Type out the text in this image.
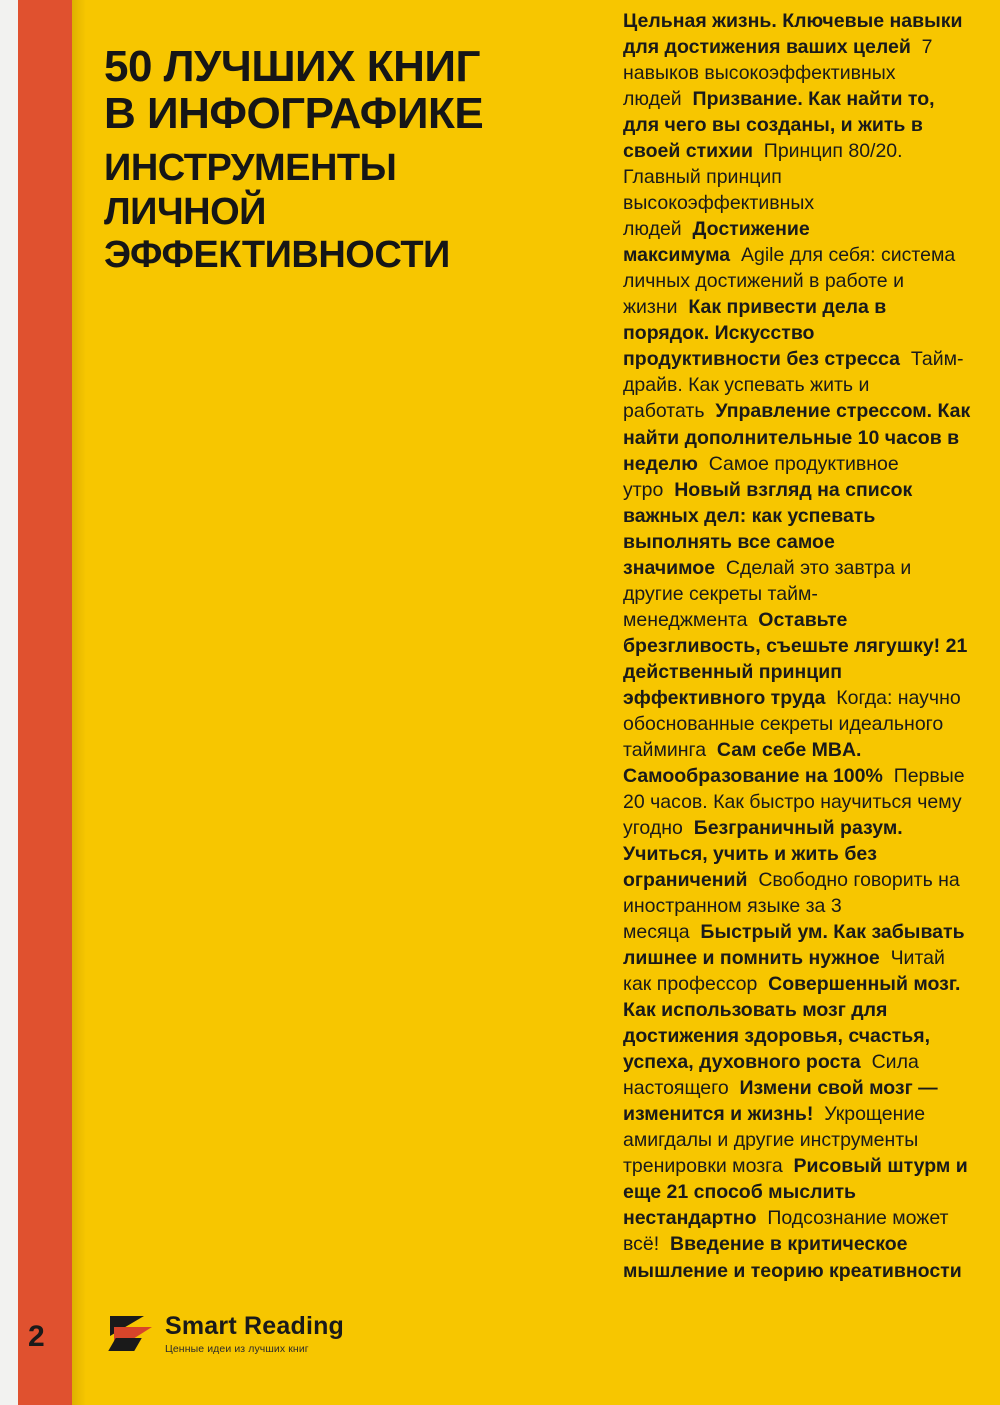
50 ЛУЧШИХ КНИГ
В ИНФОГРАФИКЕ
ИНСТРУМЕНТЫ
ЛИЧНОЙ
ЭФФЕКТИВНОСТИ
Цельная жизнь. Ключевые навыки для достижения ваших целей 7 навыков высокоэффективных людей Призвание. Как найти то, для чего вы созданы, и жить в своей стихии Принцип 80/20. Главный принцип высокоэффективных людей Достижение максимума Agile для себя: система личных достижений в работе и жизни Как привести дела в порядок. Искусство продуктивности без стресса Тайм-драйв. Как успевать жить и работать Управление стрессом. Как найти дополнительные 10 часов в неделю Самое продуктивное утро Новый взгляд на список важных дел: как успевать выполнять все самое значимое Сделай это завтра и другие секреты тайм-менеджмента Оставьте брезгливость, съешьте лягушку! 21 действенный принцип эффективного труда Когда: научно обоснованные секреты идеального тайминга Сам себе MBA. Самообразование на 100% Первые 20 часов. Как быстро научиться чему угодно Безграничный разум. Учиться, учить и жить без ограничений Свободно говорить на иностранном языке за 3 месяца Быстрый ум. Как забывать лишнее и помнить нужное Читай как профессор Совершенный мозг. Как использовать мозг для достижения здоровья, счастья, успеха, духовного роста Сила настоящего Измени свой мозг — изменится и жизнь! Укрощение амигдалы и другие инструменты тренировки мозга Рисовый штурм и еще 21 способ мыслить нестандартно Подсознание может всё! Введение в критическое мышление и теорию креативности
2	Smart Reading
Ценные идеи из лучших книг
